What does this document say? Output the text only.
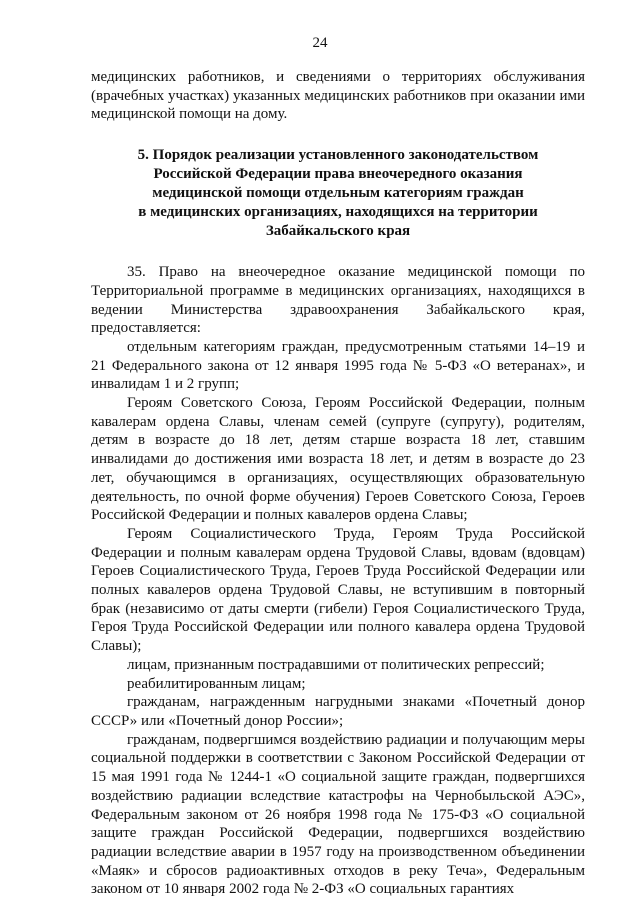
24

медицинских работников, и сведениями о территориях обслуживания (врачебных участках) указанных медицинских работников при оказании ими медицинской помощи на дому.

5. Порядок реализации установленного законодательством
Российской Федерации права внеочередного оказания
медицинской помощи отдельным категориям граждан
в медицинских организациях, находящихся на территории
Забайкальского края

35. Право на внеочередное оказание медицинской помощи по Территориальной программе в медицинских организациях, находящихся в ведении Министерства здравоохранения Забайкальского края, предоставляется:

отдельным категориям граждан, предусмотренным статьями 14–19 и 21 Федерального закона от 12 января 1995 года № 5-ФЗ «О ветеранах», и инвалидам 1 и 2 групп;

Героям Советского Союза, Героям Российской Федерации, полным кавалерам ордена Славы, членам семей (супруге (супругу), родителям, детям в возрасте до 18 лет, детям старше возраста 18 лет, ставшим инвалидами до достижения ими возраста 18 лет, и детям в возрасте до 23 лет, обучающимся в организациях, осуществляющих образовательную деятельность, по очной форме обучения) Героев Советского Союза, Героев Российской Федерации и полных кавалеров ордена Славы;

Героям Социалистического Труда, Героям Труда Российской Федерации и полным кавалерам ордена Трудовой Славы, вдовам (вдовцам) Героев Социалистического Труда, Героев Труда Российской Федерации или полных кавалеров ордена Трудовой Славы, не вступившим в повторный брак (независимо от даты смерти (гибели) Героя Социалистического Труда, Героя Труда Российской Федерации или полного кавалера ордена Трудовой Славы);

лицам, признанным пострадавшими от политических репрессий;

реабилитированным лицам;

гражданам, награжденным нагрудными знаками «Почетный донор СССР» или «Почетный донор России»;

гражданам, подвергшимся воздействию радиации и получающим меры социальной поддержки в соответствии с Законом Российской Федерации от 15 мая 1991 года № 1244-1 «О социальной защите граждан, подвергшихся воздействию радиации вследствие катастрофы на Чернобыльской АЭС», Федеральным законом от 26 ноября 1998 года № 175-ФЗ «О социальной защите граждан Российской Федерации, подвергшихся воздействию радиации вследствие аварии в 1957 году на производственном объединении «Маяк» и сбросов радиоактивных отходов в реку Теча», Федеральным законом от 10 января 2002 года № 2-ФЗ «О социальных гарантиях
